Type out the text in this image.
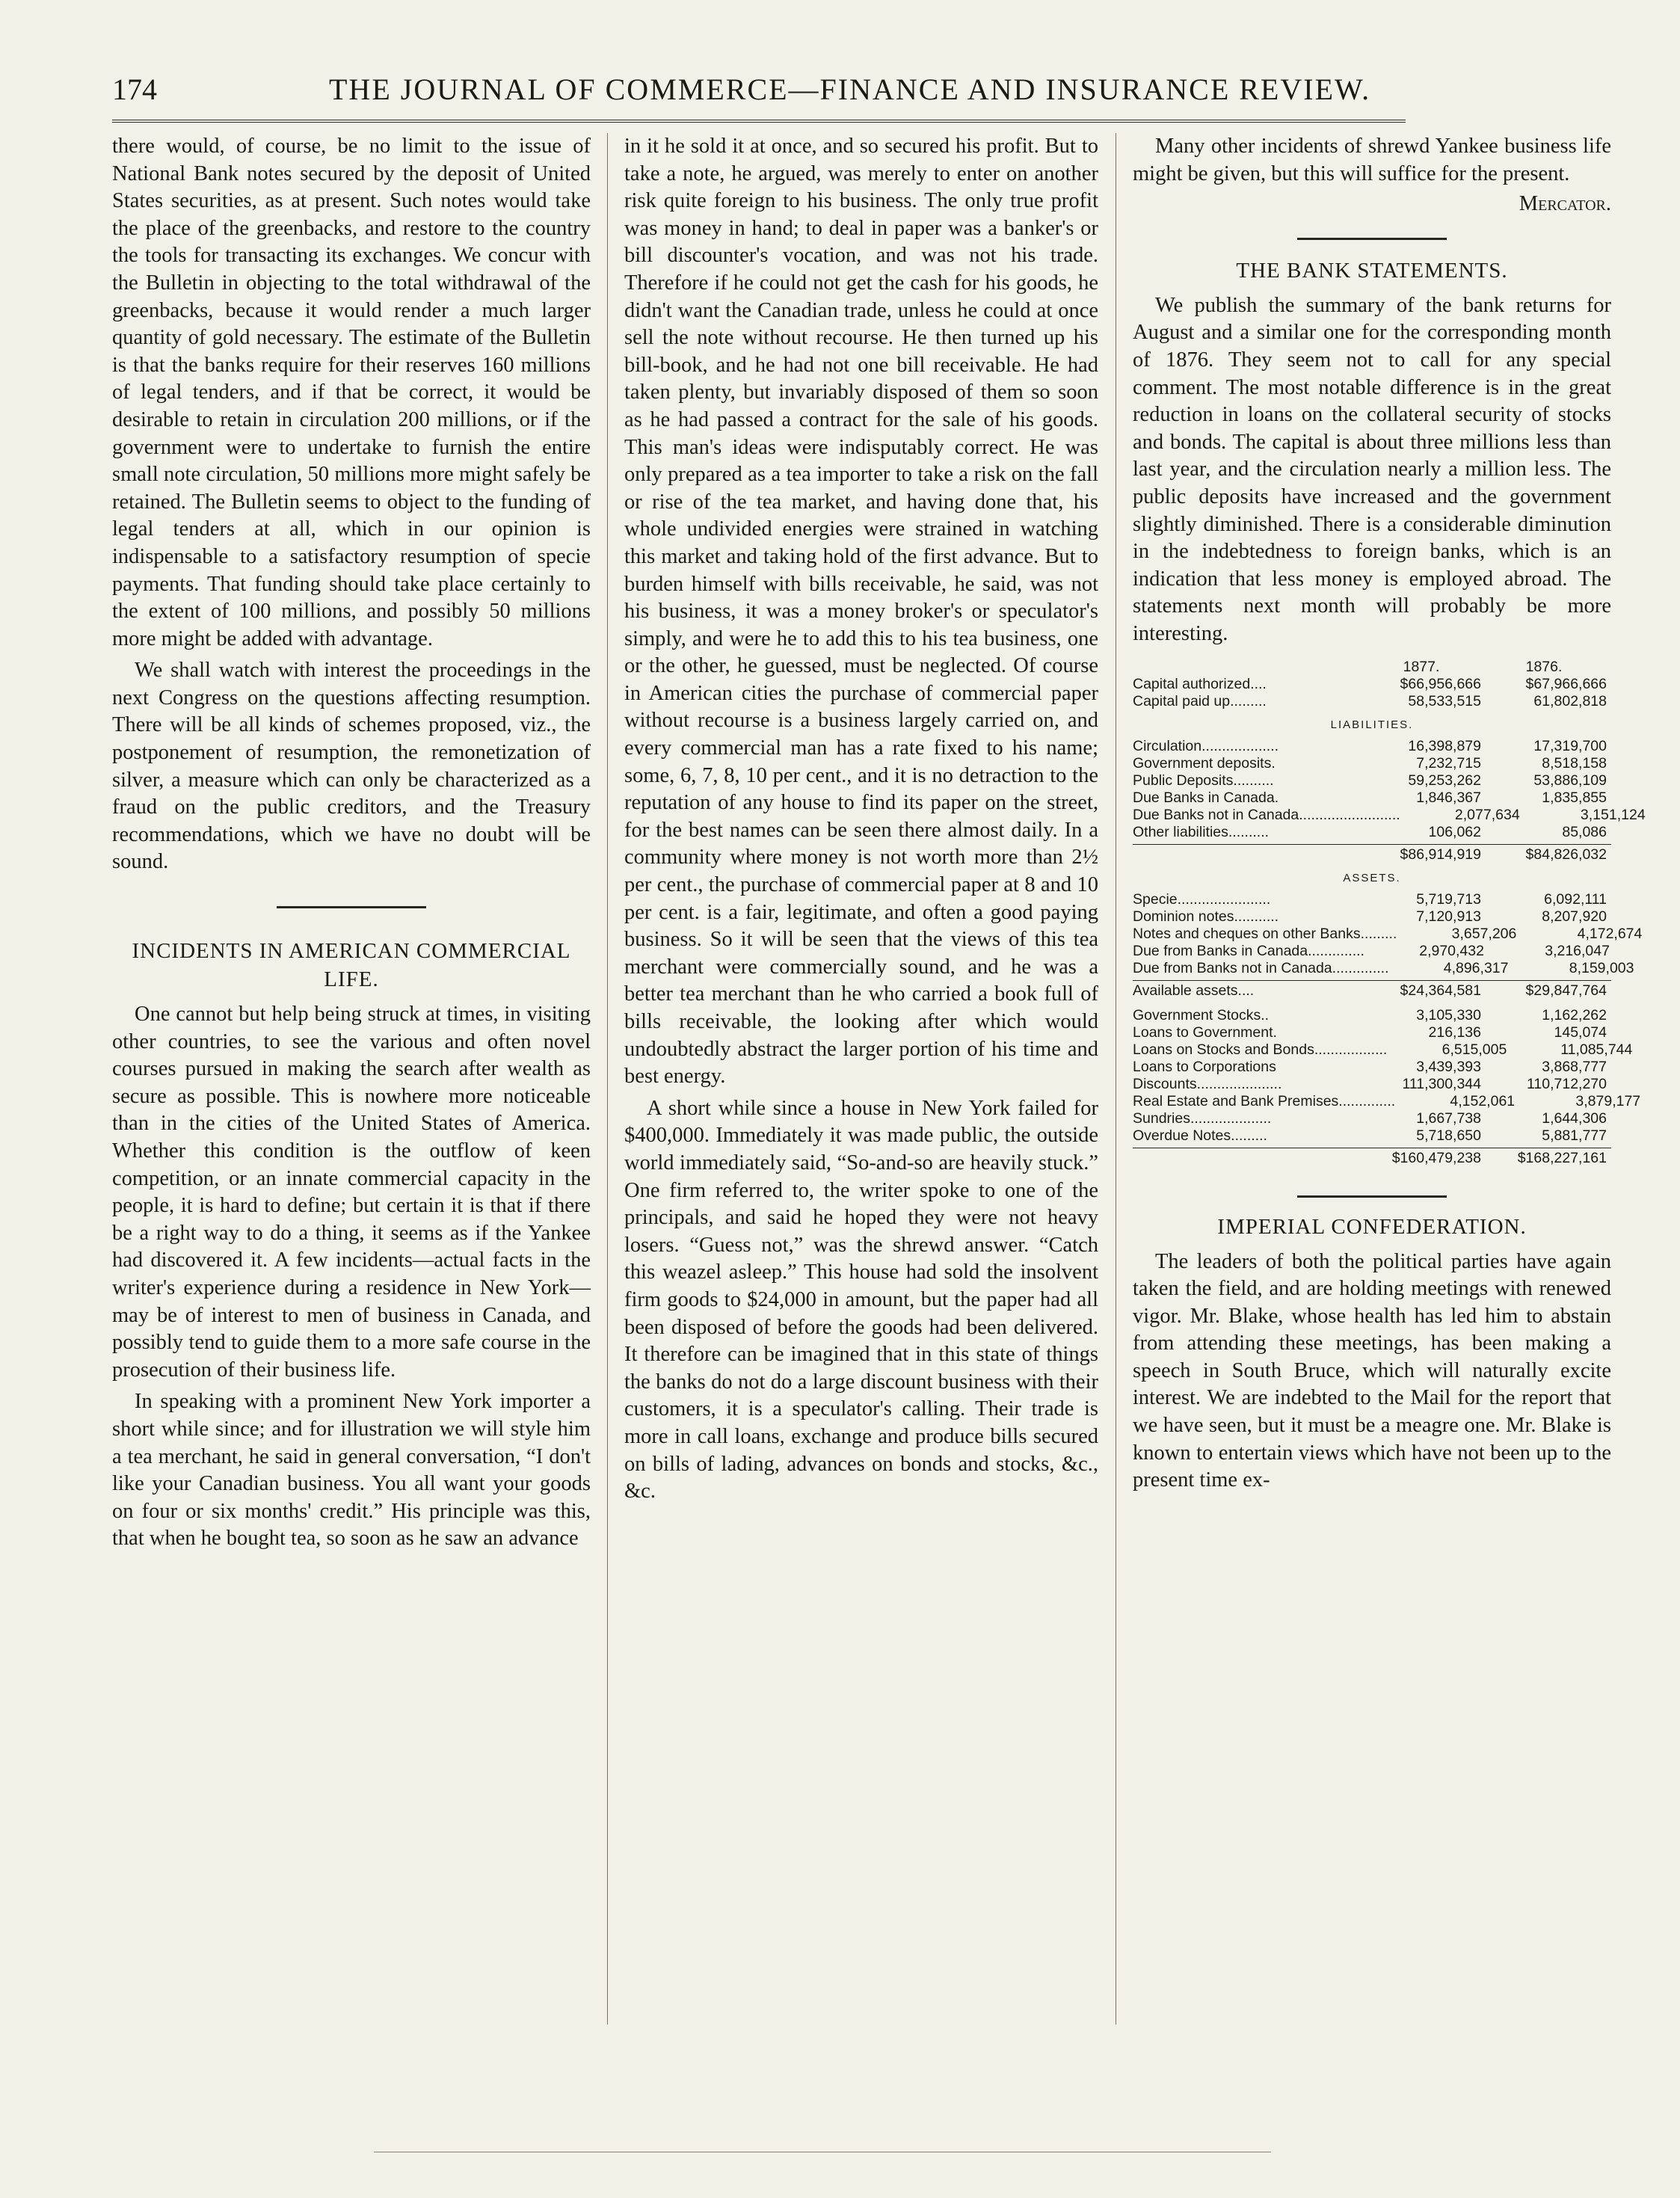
174	THE JOURNAL OF COMMERCE—FINANCE AND INSURANCE REVIEW.

there would, of course, be no limit to the issue of National Bank notes secured by the deposit of United States securities, as at present. Such notes would take the place of the greenbacks, and restore to the country the tools for transacting its exchanges. We concur with the Bulletin in objecting to the total withdrawal of the greenbacks, because it would render a much larger quantity of gold necessary. The estimate of the Bulletin is that the banks require for their reserves 160 millions of legal tenders, and if that be correct, it would be desirable to retain in circulation 200 millions, or if the government were to undertake to furnish the entire small note circulation, 50 millions more might safely be retained. The Bulletin seems to object to the funding of legal tenders at all, which in our opinion is indispensable to a satisfactory resumption of specie payments. That funding should take place certainly to the extent of 100 millions, and possibly 50 millions more might be added with advantage.

We shall watch with interest the proceedings in the next Congress on the questions affecting resumption. There will be all kinds of schemes proposed, viz., the postponement of resumption, the remonetization of silver, a measure which can only be characterized as a fraud on the public creditors, and the Treasury recommendations, which we have no doubt will be sound.

INCIDENTS IN AMERICAN COMMERCIAL LIFE.

One cannot but help being struck at times, in visiting other countries, to see the various and often novel courses pursued in making the search after wealth as secure as possible. This is nowhere more noticeable than in the cities of the United States of America. Whether this condition is the outflow of keen competition, or an innate commercial capacity in the people, it is hard to define; but certain it is that if there be a right way to do a thing, it seems as if the Yankee had discovered it. A few incidents—actual facts in the writer's experience during a residence in New York—may be of interest to men of business in Canada, and possibly tend to guide them to a more safe course in the prosecution of their business life.

In speaking with a prominent New York importer a short while since; and for illustration we will style him a tea merchant, he said in general conversation, “I don't like your Canadian business. You all want your goods on four or six months' credit.” His principle was this, that when he bought tea, so soon as he saw an advance

in it he sold it at once, and so secured his profit. But to take a note, he argued, was merely to enter on another risk quite foreign to his business. The only true profit was money in hand; to deal in paper was a banker's or bill discounter's vocation, and was not his trade. Therefore if he could not get the cash for his goods, he didn't want the Canadian trade, unless he could at once sell the note without recourse. He then turned up his bill-book, and he had not one bill receivable. He had taken plenty, but invariably disposed of them so soon as he had passed a contract for the sale of his goods. This man's ideas were indisputably correct. He was only prepared as a tea importer to take a risk on the fall or rise of the tea market, and having done that, his whole undivided energies were strained in watching this market and taking hold of the first advance. But to burden himself with bills receivable, he said, was not his business, it was a money broker's or speculator's simply, and were he to add this to his tea business, one or the other, he guessed, must be neglected. Of course in American cities the purchase of commercial paper without recourse is a business largely carried on, and every commercial man has a rate fixed to his name; some, 6, 7, 8, 10 per cent., and it is no detraction to the reputation of any house to find its paper on the street, for the best names can be seen there almost daily. In a community where money is not worth more than 2½ per cent., the purchase of commercial paper at 8 and 10 per cent. is a fair, legitimate, and often a good paying business. So it will be seen that the views of this tea merchant were commercially sound, and he was a better tea merchant than he who carried a book full of bills receivable, the looking after which would undoubtedly abstract the larger portion of his time and best energy.

A short while since a house in New York failed for $400,000. Immediately it was made public, the outside world immediately said, “So-and-so are heavily stuck.” One firm referred to, the writer spoke to one of the principals, and said he hoped they were not heavy losers. “Guess not,” was the shrewd answer. “Catch this weazel asleep.” This house had sold the insolvent firm goods to $24,000 in amount, but the paper had all been disposed of before the goods had been delivered. It therefore can be imagined that in this state of things the banks do not do a large discount business with their customers, it is a speculator's calling. Their trade is more in call loans, exchange and produce bills secured on bills of lading, advances on bonds and stocks, &c., &c.

Many other incidents of shrewd Yankee business life might be given, but this will suffice for the present.

Mercator.
THE BANK STATEMENTS.

We publish the summary of the bank returns for August and a similar one for the corresponding month of 1876. They seem not to call for any special comment. The most notable difference is in the great reduction in loans on the collateral security of stocks and bonds. The capital is about three millions less than last year, and the circulation nearly a million less. The public deposits have increased and the government slightly diminished. There is a considerable diminution in the indebtedness to foreign banks, which is an indication that less money is employed abroad. The statements next month will probably be more interesting.

1877.	1876.
Capital authorized....	$66,956,666	$67,966,666
Capital paid up.........	58,533,515	61,802,818
LIABILITIES.
Circulation...................	16,398,879	17,319,700
Government deposits.	7,232,715	8,518,158
Public Deposits..........	59,253,262	53,886,109
Due Banks in Canada.	1,846,367	1,835,855
Due Banks not in Canada.........................	2,077,634	3,151,124
Other liabilities..........	106,062	85,086
$86,914,919	$84,826,032
ASSETS.
Specie.......................	5,719,713	6,092,111
Dominion notes...........	7,120,913	8,207,920
Notes and cheques on other Banks.........	3,657,206	4,172,674
Due from Banks in Canada..............	2,970,432	3,216,047
Due from Banks not in Canada..............	4,896,317	8,159,003
Available assets....	$24,364,581	$29,847,764
Government Stocks..	3,105,330	1,162,262
Loans to Government.	216,136	145,074
Loans on Stocks and Bonds..................	6,515,005	11,085,744
Loans to Corporations	3,439,393	3,868,777
Discounts.....................	111,300,344	110,712,270
Real Estate and Bank Premises..............	4,152,061	3,879,177
Sundries....................	1,667,738	1,644,306
Overdue Notes.........	5,718,650	5,881,777
$160,479,238	$168,227,161
IMPERIAL CONFEDERATION.

The leaders of both the political parties have again taken the field, and are holding meetings with renewed vigor. Mr. Blake, whose health has led him to abstain from attending these meetings, has been making a speech in South Bruce, which will naturally excite interest. We are indebted to the Mail for the report that we have seen, but it must be a meagre one. Mr. Blake is known to entertain views which have not been up to the present time ex-
